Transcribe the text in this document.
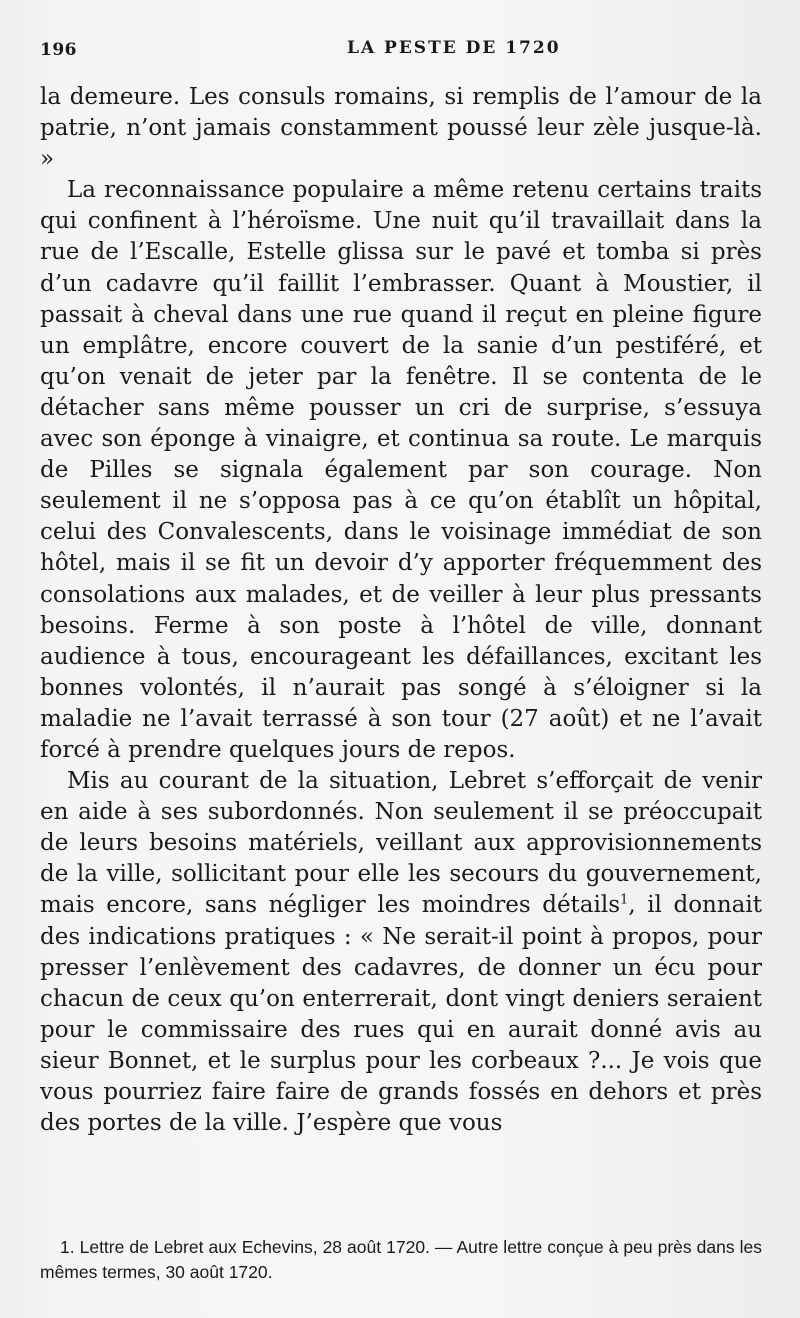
196	LA PESTE DE 1720

la demeure. Les consuls romains, si remplis de l’amour de la patrie, n’ont jamais constamment poussé leur zèle jusque-là. »

La reconnaissance populaire a même retenu certains traits qui confinent à l’héroïsme. Une nuit qu’il travaillait dans la rue de l’Escalle, Estelle glissa sur le pavé et tomba si près d’un cadavre qu’il faillit l’embrasser. Quant à Moustier, il passait à cheval dans une rue quand il reçut en pleine figure un emplâtre, encore couvert de la sanie d’un pestiféré, et qu’on venait de jeter par la fenêtre. Il se contenta de le détacher sans même pousser un cri de surprise, s’essuya avec son éponge à vinaigre, et continua sa route. Le marquis de Pilles se signala également par son courage. Non seulement il ne s’opposa pas à ce qu’on établît un hôpital, celui des Convalescents, dans le voisinage immédiat de son hôtel, mais il se fit un devoir d’y apporter fréquemment des consolations aux malades, et de veiller à leur plus pressants besoins. Ferme à son poste à l’hôtel de ville, donnant audience à tous, encourageant les défaillances, excitant les bonnes volontés, il n’aurait pas songé à s’éloigner si la maladie ne l’avait terrassé à son tour (27 août) et ne l’avait forcé à prendre quelques jours de repos.

Mis au courant de la situation, Lebret s’efforçait de venir en aide à ses subordonnés. Non seulement il se préoccupait de leurs besoins matériels, veillant aux approvisionnements de la ville, sollicitant pour elle les secours du gouvernement, mais encore, sans négliger les moindres détails$^1$, il donnait des indications pratiques : « Ne serait-il point à propos, pour presser l’enlèvement des cadavres, de donner un écu pour chacun de ceux qu’on enterrerait, dont vingt deniers seraient pour le commissaire des rues qui en aurait donné avis au sieur Bonnet, et le surplus pour les corbeaux ?... Je vois que vous pourriez faire faire de grands fossés en dehors et près des portes de la ville. J’espère que vous

1. Lettre de Lebret aux Echevins, 28 août 1720. — Autre lettre conçue à peu près dans les mêmes termes, 30 août 1720.
